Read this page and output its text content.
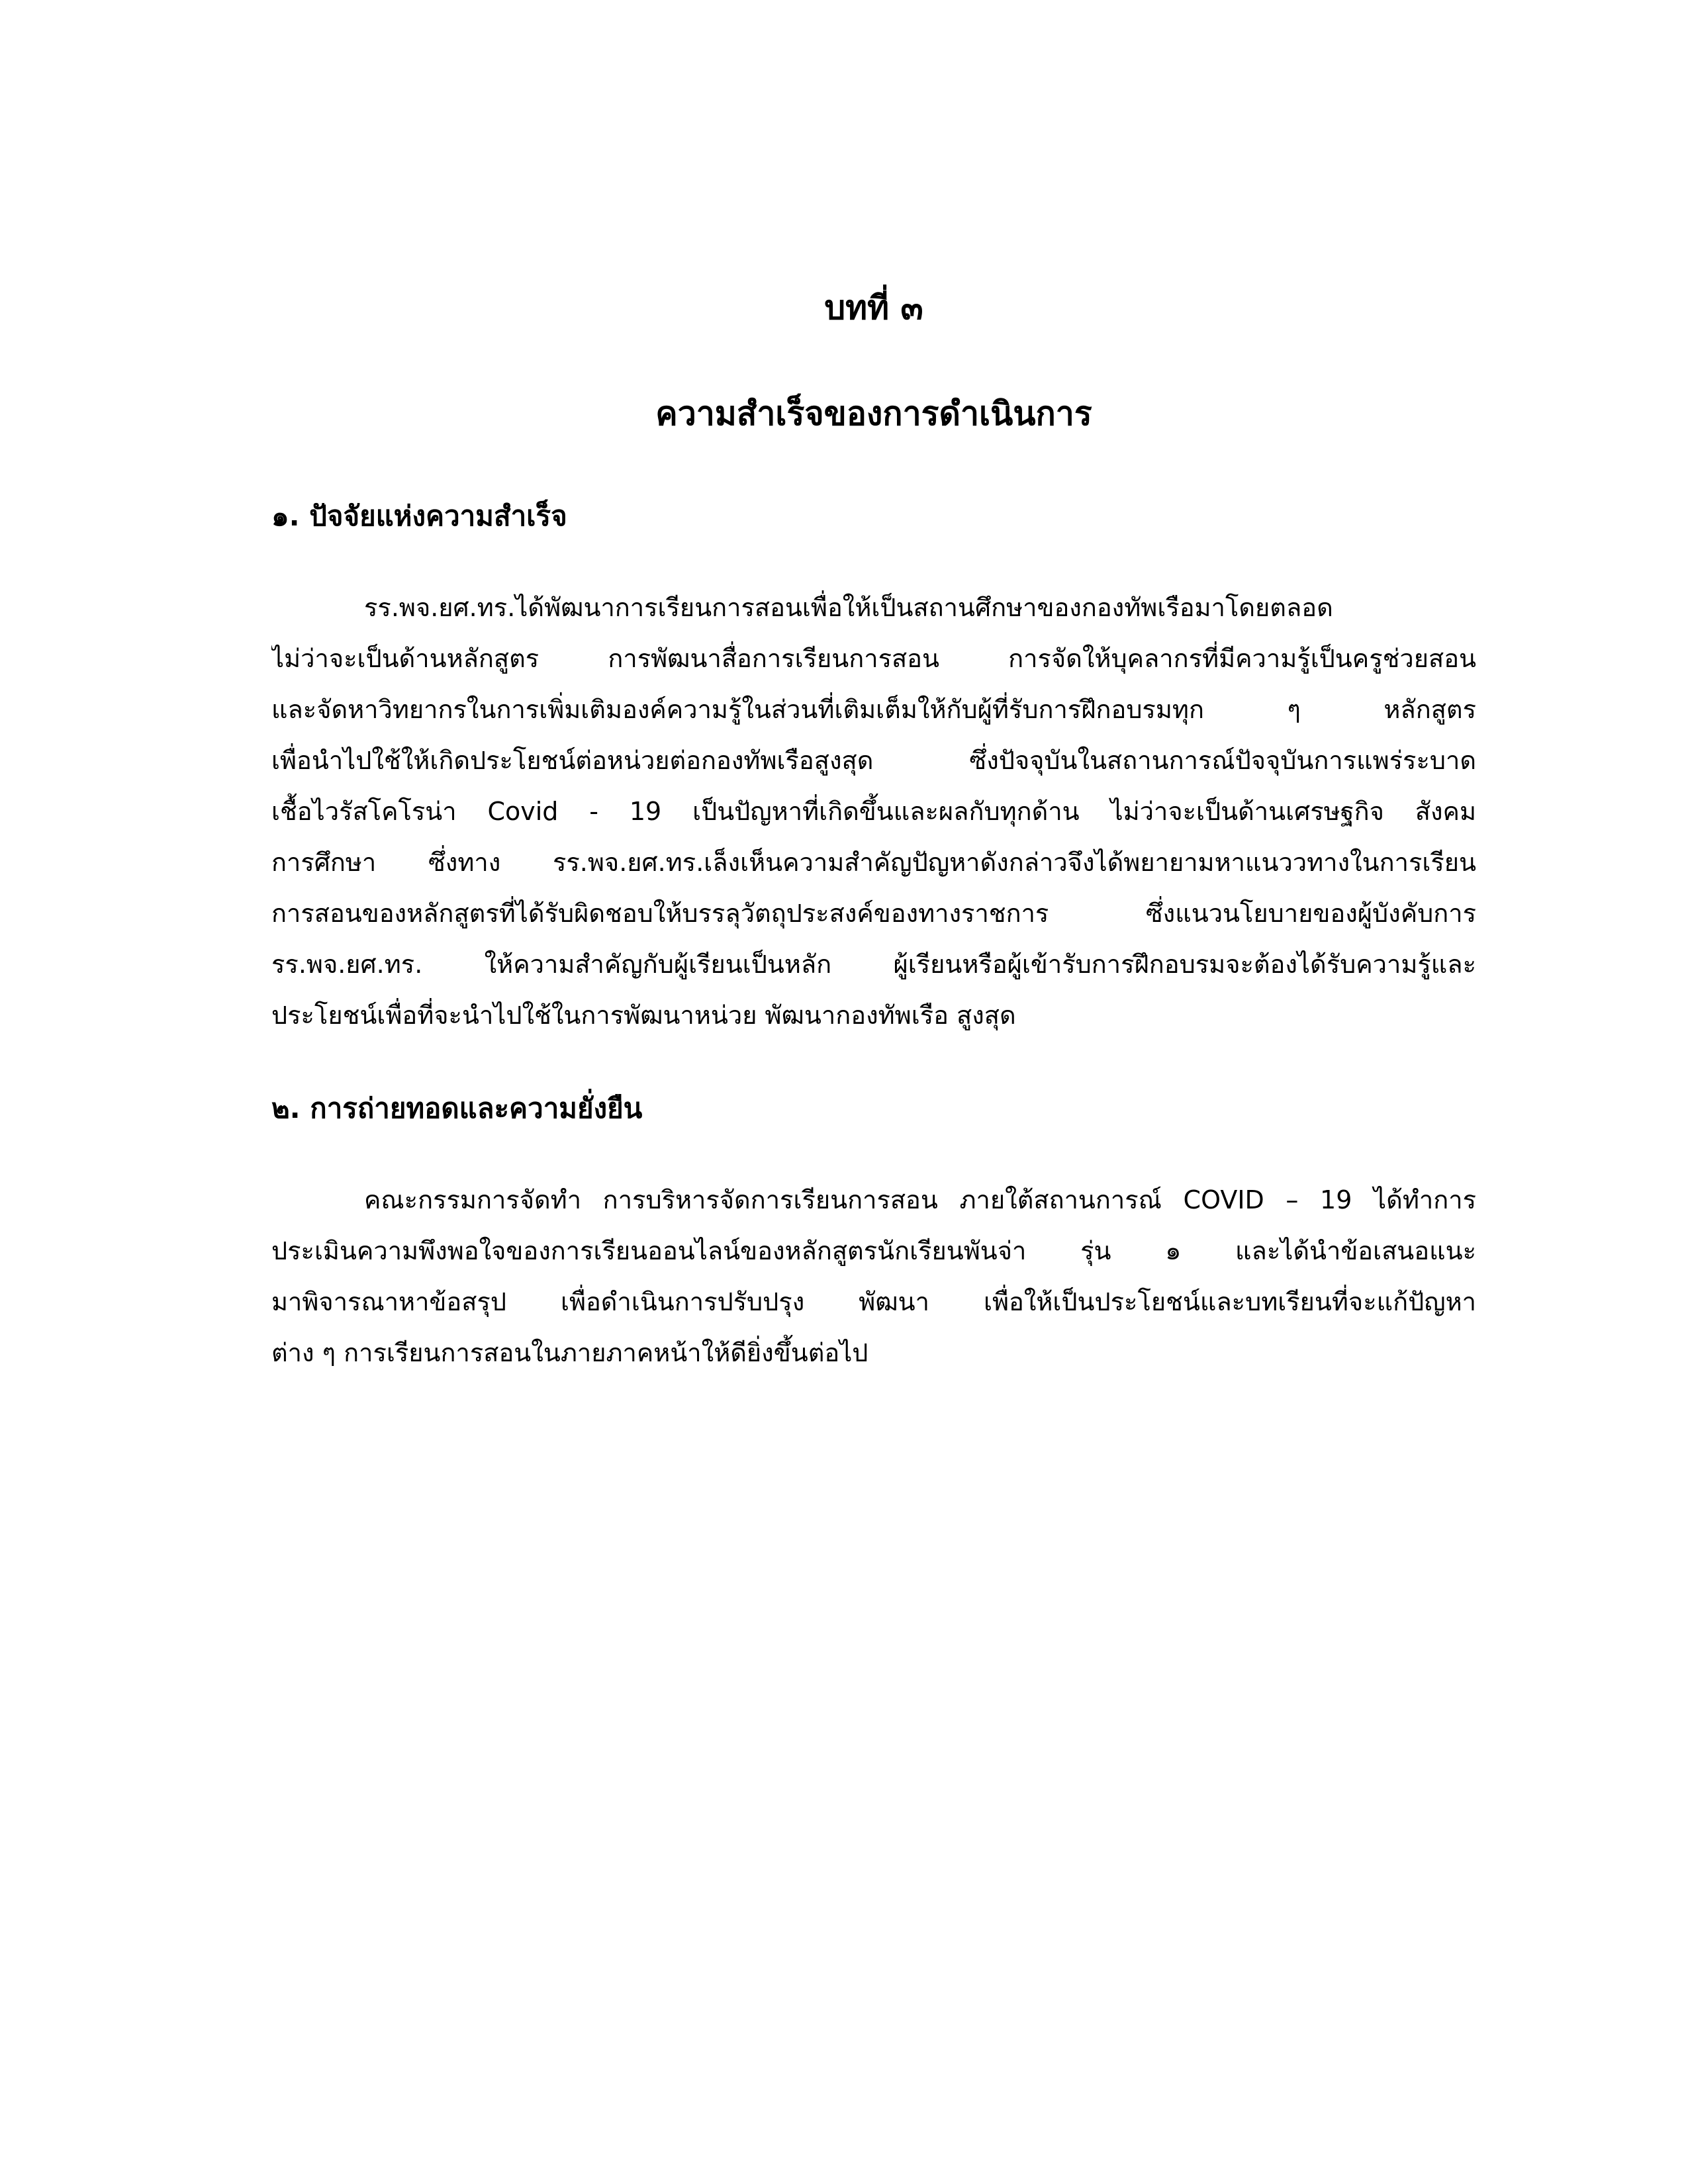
บทที่ ๓
ความสำเร็จของการดำเนินการ
๑. ปัจจัยแห่งความสำเร็จ
รร.พจ.ยศ.ทร.ได้พัฒนาการเรียนการสอนเพื่อให้เป็นสถานศึกษาของกองทัพเรือมาโดยตลอด
ไม่ว่าจะเป็นด้านหลักสูตร การพัฒนาสื่อการเรียนการสอน การจัดให้บุคลากรที่มีความรู้เป็นครูช่วยสอน
และจัดหาวิทยากรในการเพิ่มเติมองค์ความรู้ในส่วนที่เติมเต็มให้กับผู้ที่รับการฝึกอบรมทุก ๆ หลักสูตร
เพื่อนำไปใช้ให้เกิดประโยชน์ต่อหน่วยต่อกองทัพเรือสูงสุด ซึ่งปัจจุบันในสถานการณ์ปัจจุบันการแพร่ระบาด
เชื้อไวรัสโคโรน่า Covid - 19 เป็นปัญหาที่เกิดขึ้นและผลกับทุกด้าน ไม่ว่าจะเป็นด้านเศรษฐกิจ สังคม
การศึกษา ซึ่งทาง รร.พจ.ยศ.ทร.เล็งเห็นความสำคัญปัญหาดังกล่าวจึงได้พยายามหาแนววทางในการเรียน
การสอนของหลักสูตรที่ได้รับผิดชอบให้บรรลุวัตถุประสงค์ของทางราชการ ซึ่งแนวนโยบายของผู้บังคับการ
รร.พจ.ยศ.ทร. ให้ความสำคัญกับผู้เรียนเป็นหลัก ผู้เรียนหรือผู้เข้ารับการฝึกอบรมจะต้องได้รับความรู้และ
ประโยชน์เพื่อที่จะนำไปใช้ในการพัฒนาหน่วย พัฒนากองทัพเรือ สูงสุด
๒. การถ่ายทอดและความยั่งยืน
คณะกรรมการจัดทำ การบริหารจัดการเรียนการสอน ภายใต้สถานการณ์ COVID – 19 ได้ทำการ
ประเมินความพึงพอใจของการเรียนออนไลน์ของหลักสูตรนักเรียนพันจ่า รุ่น ๑ และได้นำข้อเสนอแนะ
มาพิจารณาหาข้อสรุป เพื่อดำเนินการปรับปรุง พัฒนา เพื่อให้เป็นประโยชน์และบทเรียนที่จะแก้ปัญหา
ต่าง ๆ การเรียนการสอนในภายภาคหน้าให้ดียิ่งขึ้นต่อไป
